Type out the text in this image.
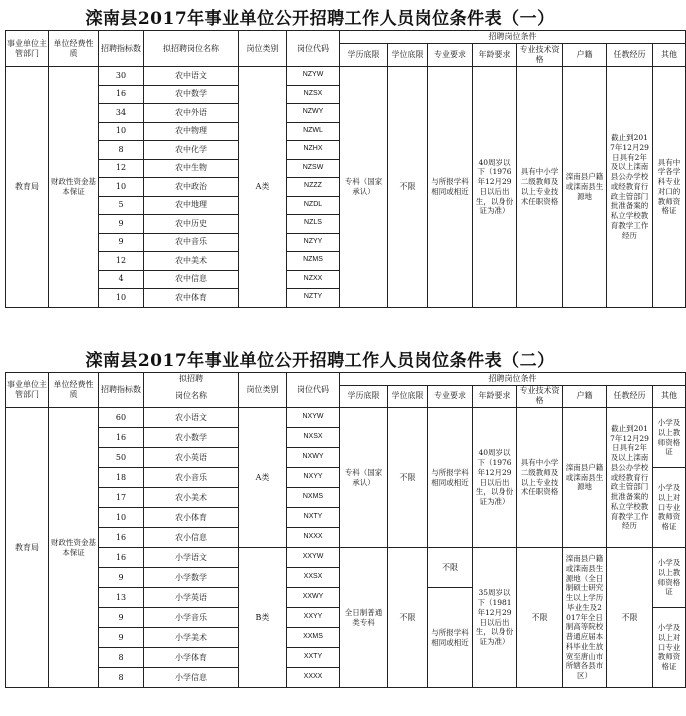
滦南县2017年事业单位公开招聘工作人员岗位条件表（一）
事业单位主管部门	单位经费性质	招聘指标数	拟招聘岗位名称	岗位类别	岗位代码	招聘岗位条件							
						学历底限	学位底限	专业要求	年龄要求	专业技术资格	户籍	任教经历	其他
教育局	财政性资金基本保证	30	农中语文	A类	NZYW	专科（国家承认）	不限	与所报学科相同或相近	40周岁以下（1976年12月29日以后出生，以身份证为准）	具有中小学二级教师及以上专业技术任职资格	滦南县户籍或滦南县生源地	截止到2017年12月29日具有2年及以上滦南县公办学校或经教育行政主管部门批准备案的私立学校教育教学工作经历	具有中学各学科专业对口的教师资格证
		16	农中数学		NZSX								
		34	农中外语		NZWY								
		10	农中物理		NZWL								
		8	农中化学		NZHX								
		12	农中生物		NZSW								
		10	农中政治		NZZZ								
		5	农中地理		NZDL								
		9	农中历史		NZLS								
		9	农中音乐		NZYY								
		12	农中美术		NZMS								
		4	农中信息		NZXX								
		10	农中体育		NZTY								
滦南县2017年事业单位公开招聘工作人员岗位条件表（二）
事业单位主管部门	单位经费性质	招聘指标数	拟招聘	岗位类别	岗位代码	招聘岗位条件							
			岗位名称			学历底限	学位底限	专业要求	年龄要求	专业技术资格	户籍	任教经历	其他
教育局	财政性资金基本保证	60	农小语文	A类	NXYW	专科（国家承认）	不限	与所报学科相同或相近	40周岁以下（1976年12月29日以后出生，以身份证为准）	具有中小学二级教师及以上专业技术任职资格	滦南县户籍或滦南县生源地	截止到2017年12月29日具有2年及以上滦南县公办学校或经教育行政主管部门批准备案的私立学校教育教学工作经历	小学及以上教师资格证
		16	农小数学		NXSX								
		50	农小英语		NXWY								
		18	农小音乐		NXYY								小学及以上对口专业教师资格证
		17	农小美术		NXMS								
		10	农小体育		NXTY								
		16	农小信息		NXXX								
		16	小学语文	B类	XXYW	全日制普通类专科	不限	不限	35周岁以下（1981年12月29日以后出生，以身份证为准）	不限	滦南县户籍或滦南县生源地（全日制硕士研究生以上学历毕业生及2017年全日制高等院校普通应届本科毕业生放宽至唐山市所辖各县市区）	不限	小学及以上教师资格证
		9	小学数学		XXSX								
		13	小学英语		XXWY			与所报学科相同或相近					
		9	小学音乐		XXYY								小学及以上对口专业教师资格证
		9	小学美术		XXMS								
		8	小学体育		XXTY								
		8	小学信息		XXXX								
